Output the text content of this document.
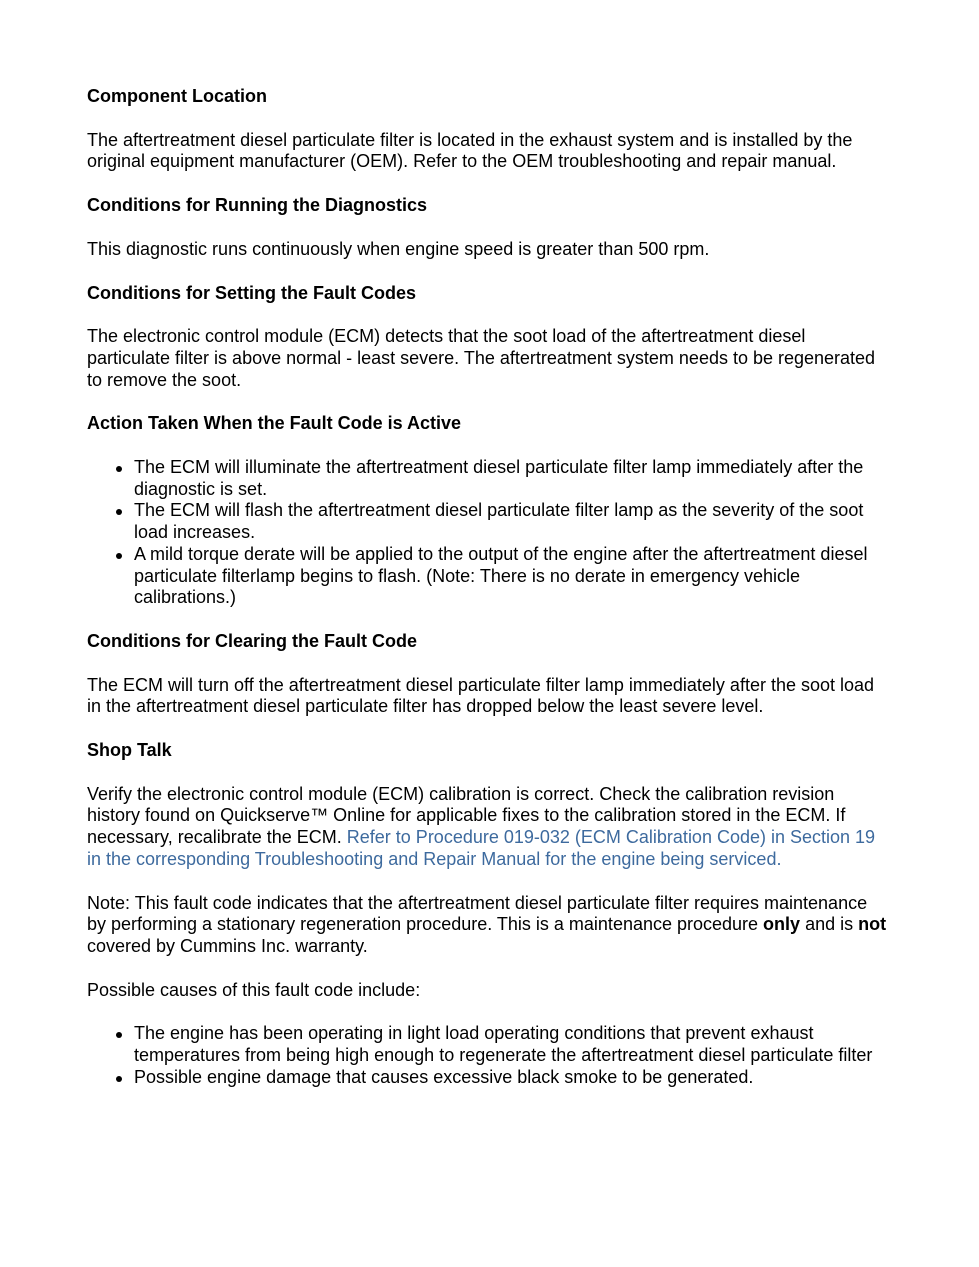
Component Location

The aftertreatment diesel particulate filter is located in the exhaust system and is installed by the original equipment manufacturer (OEM). Refer to the OEM troubleshooting and repair manual.

Conditions for Running the Diagnostics

This diagnostic runs continuously when engine speed is greater than 500 rpm.

Conditions for Setting the Fault Codes

The electronic control module (ECM) detects that the soot load of the aftertreatment diesel particulate filter is above normal - least severe. The aftertreatment system needs to be regenerated to remove the soot.

Action Taken When the Fault Code is Active

The ECM will illuminate the aftertreatment diesel particulate filter lamp immediately after the diagnostic is set.
The ECM will flash the aftertreatment diesel particulate filter lamp as the severity of the soot load increases.
A mild torque derate will be applied to the output of the engine after the aftertreatment diesel particulate filterlamp begins to flash. (Note: There is no derate in emergency vehicle calibrations.)

Conditions for Clearing the Fault Code

The ECM will turn off the aftertreatment diesel particulate filter lamp immediately after the soot load in the aftertreatment diesel particulate filter has dropped below the least severe level.

Shop Talk

Verify the electronic control module (ECM) calibration is correct. Check the calibration revision history found on Quickserve™ Online for applicable fixes to the calibration stored in the ECM. If necessary, recalibrate the ECM. Refer to Procedure 019-032 (ECM Calibration Code) in Section 19 in the corresponding Troubleshooting and Repair Manual for the engine being serviced.

Note: This fault code indicates that the aftertreatment diesel particulate filter requires maintenance by performing a stationary regeneration procedure. This is a maintenance procedure only and is not covered by Cummins Inc. warranty.

Possible causes of this fault code include:

The engine has been operating in light load operating conditions that prevent exhaust temperatures from being high enough to regenerate the aftertreatment diesel particulate filter
Possible engine damage that causes excessive black smoke to be generated.
